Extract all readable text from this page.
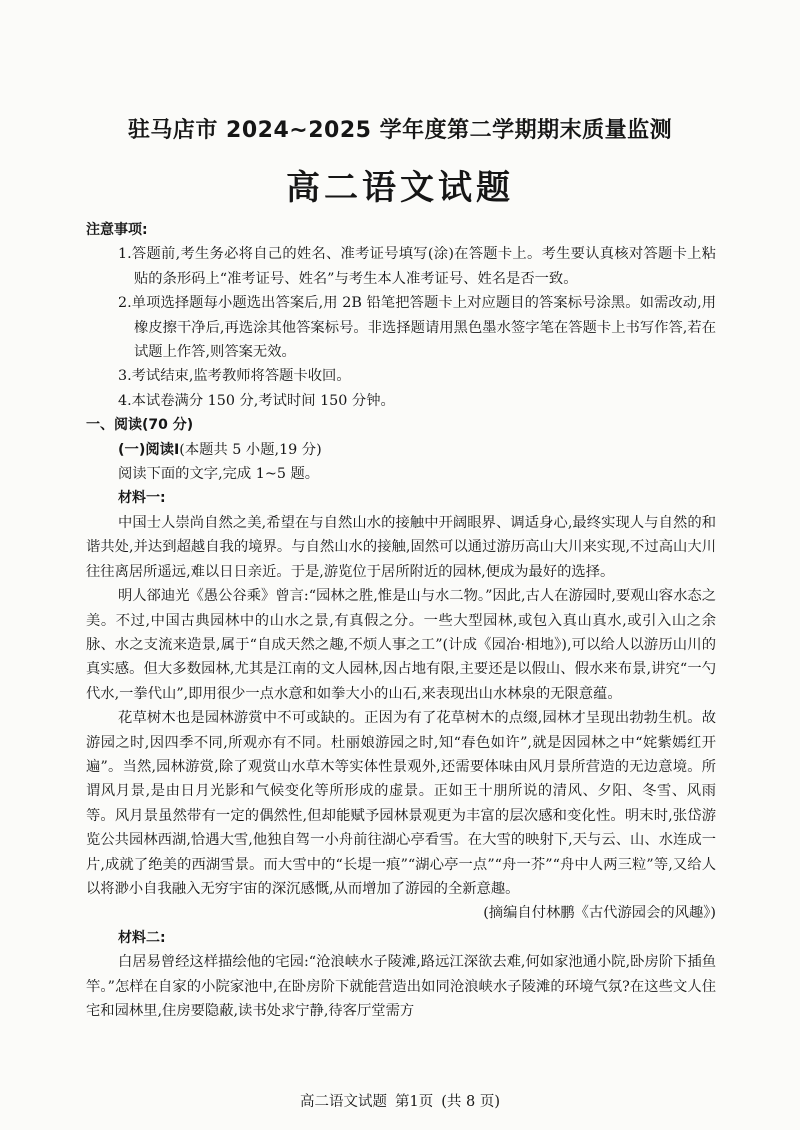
驻马店市 2024~2025 学年度第二学期期末质量监测
高二语文试题
注意事项:
1.答题前,考生务必将自己的姓名、准考证号填写(涂)在答题卡上。考生要认真核对答题卡上粘贴的条形码上“准考证号、姓名”与考生本人准考证号、姓名是否一致。
2.单项选择题每小题选出答案后,用 2B 铅笔把答题卡上对应题目的答案标号涂黑。如需改动,用橡皮擦干净后,再选涂其他答案标号。非选择题请用黑色墨水签字笔在答题卡上书写作答,若在试题上作答,则答案无效。
3.考试结束,监考教师将答题卡收回。
4.本试卷满分 150 分,考试时间 150 分钟。
一、阅读(70 分)
(一)阅读Ⅰ(本题共 5 小题,19 分)
阅读下面的文字,完成 1~5 题。
材料一:
中国士人崇尚自然之美,希望在与自然山水的接触中开阔眼界、调适身心,最终实现人与自然的和谐共处,并达到超越自我的境界。与自然山水的接触,固然可以通过游历高山大川来实现,不过高山大川往往离居所遥远,难以日日亲近。于是,游览位于居所附近的园林,便成为最好的选择。
明人郤迪光《愚公谷乘》曾言:“园林之胜,惟是山与水二物。”因此,古人在游园时,要观山容水态之美。不过,中国古典园林中的山水之景,有真假之分。一些大型园林,或包入真山真水,或引入山之余脉、水之支流来造景,属于“自成天然之趣,不烦人事之工”(计成《园冶·相地》),可以给人以游历山川的真实感。但大多数园林,尤其是江南的文人园林,因占地有限,主要还是以假山、假水来布景,讲究“一勺代水,一拳代山”,即用很少一点水意和如拳大小的山石,来表现出山水林泉的无限意蕴。
花草树木也是园林游赏中不可或缺的。正因为有了花草树木的点缀,园林才呈现出勃勃生机。故游园之时,因四季不同,所观亦有不同。杜丽娘游园之时,知“春色如许”,就是因园林之中“姹紫嫣红开遍”。当然,园林游赏,除了观赏山水草木等实体性景观外,还需要体味由风月景所营造的无边意境。所谓风月景,是由日月光影和气候变化等所形成的虚景。正如王十朋所说的清风、夕阳、冬雪、风雨等。风月景虽然带有一定的偶然性,但却能赋予园林景观更为丰富的层次感和变化性。明末时,张岱游览公共园林西湖,恰遇大雪,他独自驾一小舟前往湖心亭看雪。在大雪的映射下,天与云、山、水连成一片,成就了绝美的西湖雪景。而大雪中的“长堤一痕”“湖心亭一点”“舟一芥”“舟中人两三粒”等,又给人以将渺小自我融入无穷宇宙的深沉感慨,从而增加了游园的全新意趣。
(摘编自付林鹏《古代游园会的风趣》)
材料二:
白居易曾经这样描绘他的宅园:“沧浪峡水子陵滩,路远江深欲去难,何如家池通小院,卧房阶下插鱼竿。”怎样在自家的小院家池中,在卧房阶下就能营造出如同沧浪峡水子陵滩的环境气氛?在这些文人住宅和园林里,住房要隐蔽,读书处求宁静,待客厅堂需方
高二语文试题 第1页 (共 8 页)
